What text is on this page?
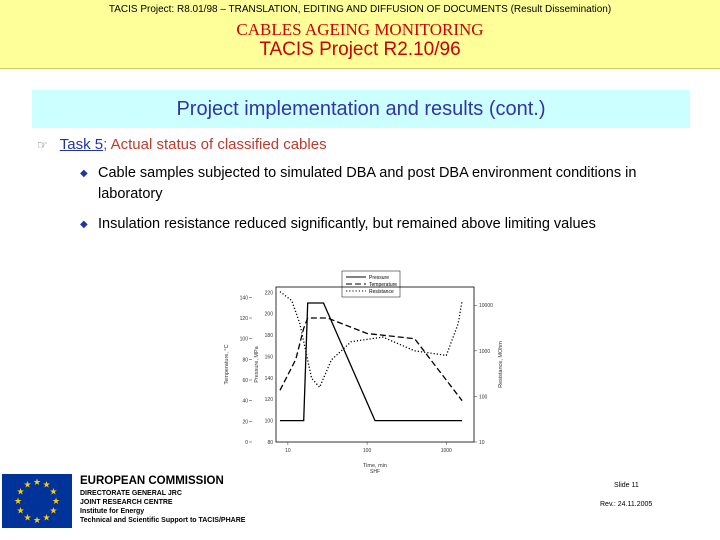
TACIS Project: R8.01/98 – TRANSLATION, EDITING AND DIFFUSION OF DOCUMENTS (Result Dissemination)
CABLES AGEING MONITORING
TACIS Project R2.10/96
Project implementation and results (cont.)
☞ Task 5; Actual status of classified cables
◆ Cable samples subjected to simulated DBA and post DBA environment conditions in laboratory
◆ Insulation resistance reduced significantly, but remained above limiting values
0
20
40
60
80
100
120
140
80
100
120
140
160
180
200
220
10
100
1000
10000
10	100	1000
Time, min
SHF
Temperature, °C	Pressure, MPa	Resistance, MOhm
Pressure
Temperature
Resistance
★
★
★
★
★
★
★
★
★ ★ ★
★
EUROPEAN COMMISSION
DIRECTORATE GENERAL JRC
JOINT RESEARCH CENTRE
Institute for Energy
Technical and Scientific Support to TACIS/PHARE
Slide 11
Rev.: 24.11.2005
